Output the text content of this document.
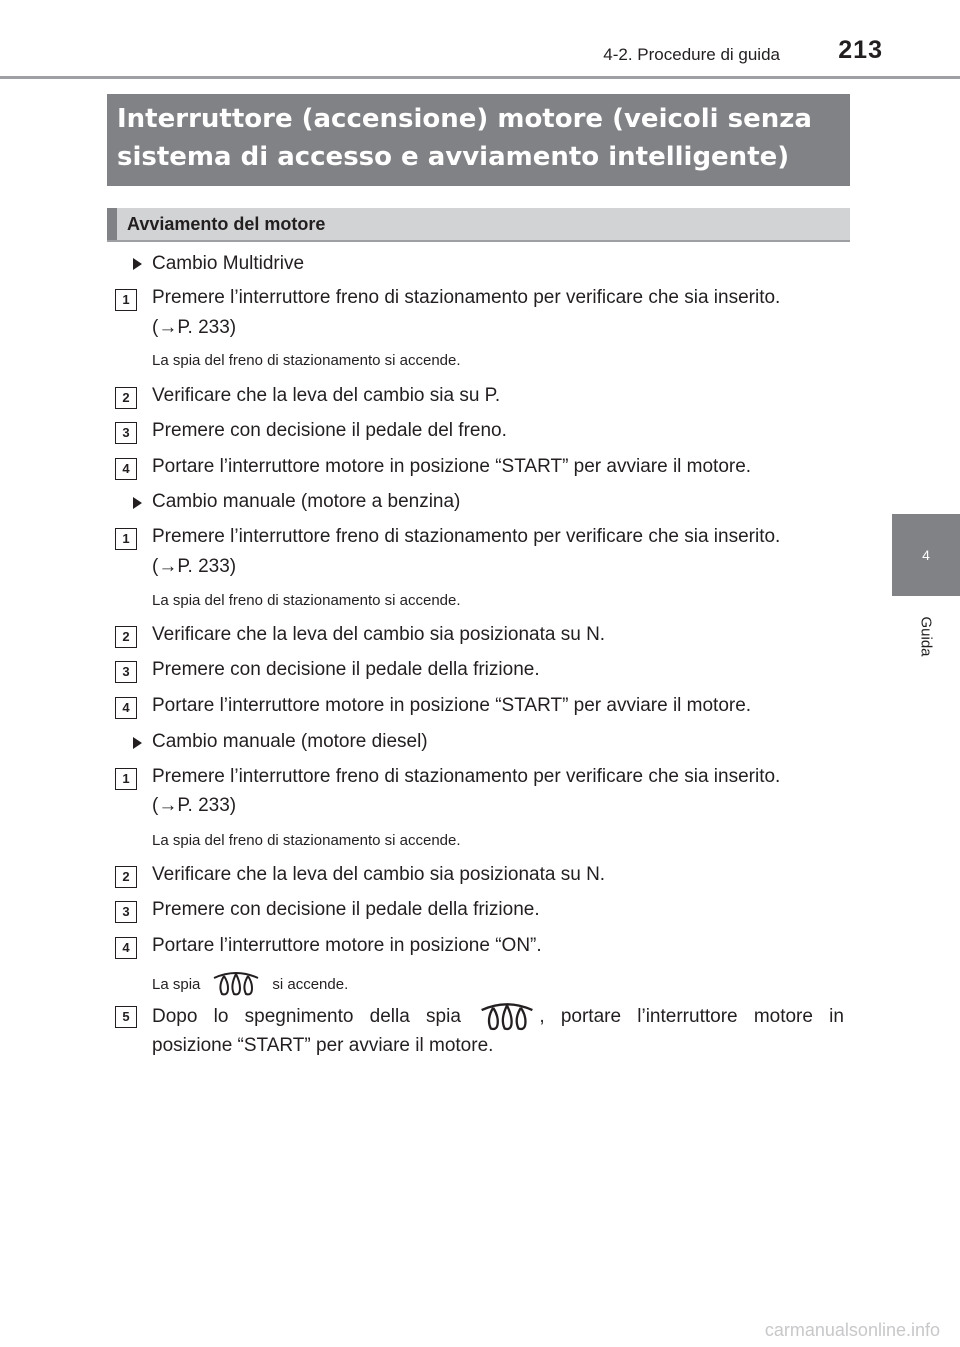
4-2. Procedure di guida 213
4
Guida
Interruttore (accensione) motore (veicoli senza
sistema di accesso e avviamento intelligente)
Avviamento del motore
Cambio Multidrive
1	Premere l’interruttore freno di stazionamento per verificare che sia inserito.
(→P. 233)
La spia del freno di stazionamento si accende.
2	Verificare che la leva del cambio sia su P.
3	Premere con decisione il pedale del freno.
4	Portare l’interruttore motore in posizione “START” per avviare il motore.
Cambio manuale (motore a benzina)
1	Premere l’interruttore freno di stazionamento per verificare che sia inserito.
(→P. 233)
La spia del freno di stazionamento si accende.
2	Verificare che la leva del cambio sia posizionata su N.
3	Premere con decisione il pedale della frizione.
4	Portare l’interruttore motore in posizione “START” per avviare il motore.
Cambio manuale (motore diesel)
1	Premere l’interruttore freno di stazionamento per verificare che sia inserito.
(→P. 233)
La spia del freno di stazionamento si accende.
2	Verificare che la leva del cambio sia posizionata su N.
3	Premere con decisione il pedale della frizione.
4	Portare l’interruttore motore in posizione “ON”.
La spia	si accende.
5	Dopo lo spegnimento della spia	, portare l’interruttore motore in
posizione “START” per avviare il motore.
carmanualsonline.info
